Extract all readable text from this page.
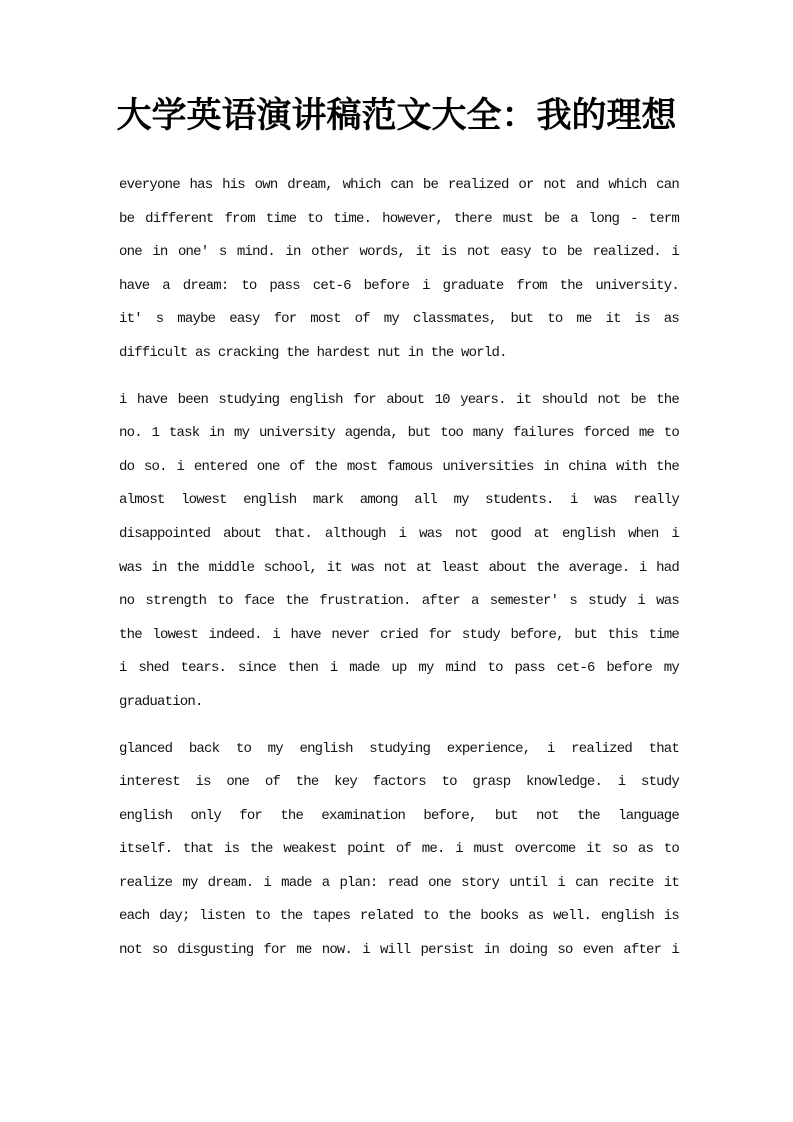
大学英语演讲稿范文大全：我的理想
everyone has his own dream, which can be realized or not and which can
be different from time to time. however, there must be a long - term
one in one' s mind. in other words, it is not easy to be realized. i
have a dream: to pass cet-6 before i graduate from the university.
it' s maybe easy for most of my classmates, but to me it is as
difficult as cracking the hardest nut in the world.
i have been studying english for about 10 years. it should not be the
no. 1 task in my university agenda, but too many failures forced me to
do so. i entered one of the most famous universities in china with the
almost lowest english mark among all my students. i was really
disappointed about that. although i was not good at english when i
was in the middle school, it was not at least about the average. i had
no strength to face the frustration. after a semester' s study i was
the lowest indeed. i have never cried for study before, but this time
i shed tears. since then i made up my mind to pass cet-6 before my
graduation.
glanced back to my english studying experience, i realized that
interest is one of the key factors to grasp knowledge. i study
english only for the examination before, but not the language
itself. that is the weakest point of me. i must overcome it so as to
realize my dream. i made a plan: read one story until i can recite it
each day; listen to the tapes related to the books as well. english is
not so disgusting for me now. i will persist in doing so even after i
